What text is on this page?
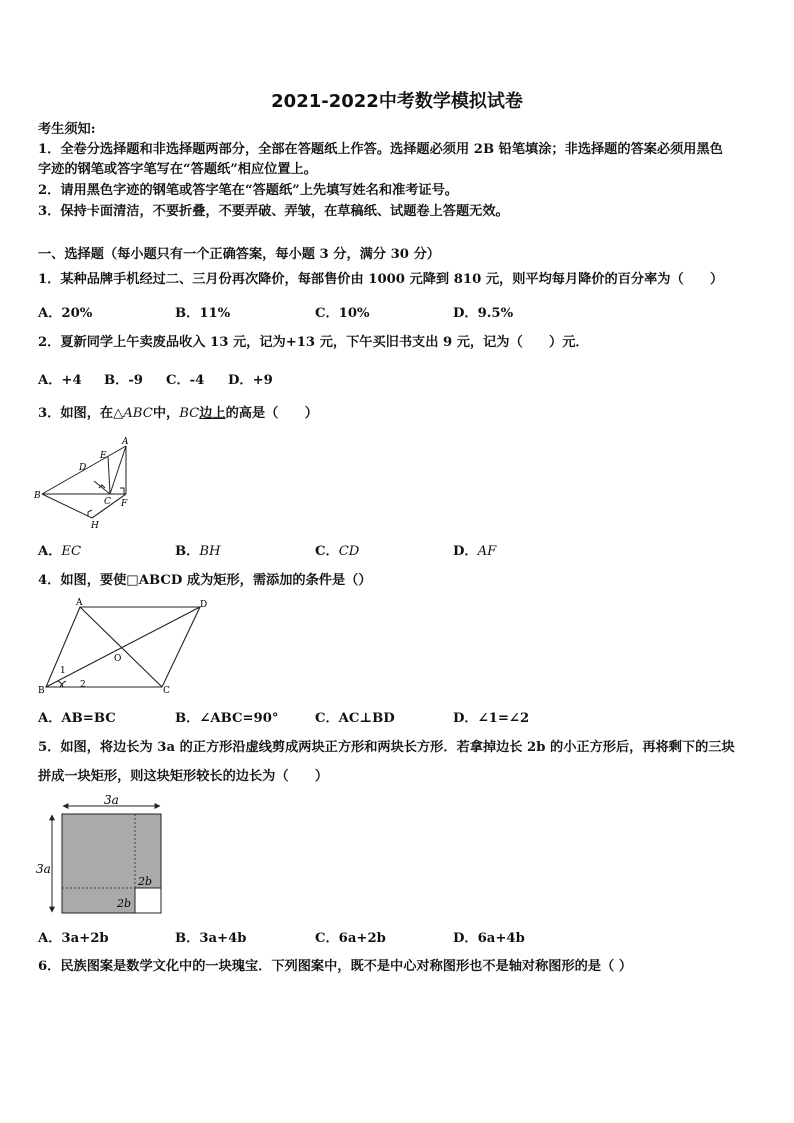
2021-2022中考数学模拟试卷
考生须知:
1．全卷分选择题和非选择题两部分，全部在答题纸上作答。选择题必须用 2B 铅笔填涂；非选择题的答案必须用黑色
字迹的钢笔或答字笔写在“答题纸”相应位置上。
2．请用黑色字迹的钢笔或答字笔在“答题纸”上先填写姓名和准考证号。
3．保持卡面清洁，不要折叠，不要弄破、弄皱，在草稿纸、试题卷上答题无效。
一、选择题（每小题只有一个正确答案，每小题 3 分，满分 30 分）
1．某种品牌手机经过二、三月份再次降价，每部售价由 1000 元降到 810 元，则平均每月降价的百分率为（　　）
A．20%	B．11%	C．10%	D．9.5%
2．夏新同学上午卖废品收入 13 元，记为+13 元，下午买旧书支出 9 元，记为（　　）元．
A．+4 B．-9 C．-4 D．+9
3．如图，在△ABC中，BC边上的高是（　　）
A
B
C
D
E
F
H
A．EC	B．BH	C．CD	D．AF
4．如图，要使□ABCD 成为矩形，需添加的条件是（）
A
B	C
D
O
1
2
A．AB=BC	B．∠ABC=90°	C．AC⊥BD	D．∠1=∠2
5．如图，将边长为 3a 的正方形沿虚线剪成两块正方形和两块长方形．若拿掉边长 2b 的小正方形后，再将剩下的三块
拼成一块矩形，则这块矩形较长的边长为（　　）
3a
3a
2b
2b
A．3a+2b	B．3a+4b	C．6a+2b	D．6a+4b
6．民族图案是数学文化中的一块瑰宝．下列图案中，既不是中心对称图形也不是轴对称图形的是（ ）
